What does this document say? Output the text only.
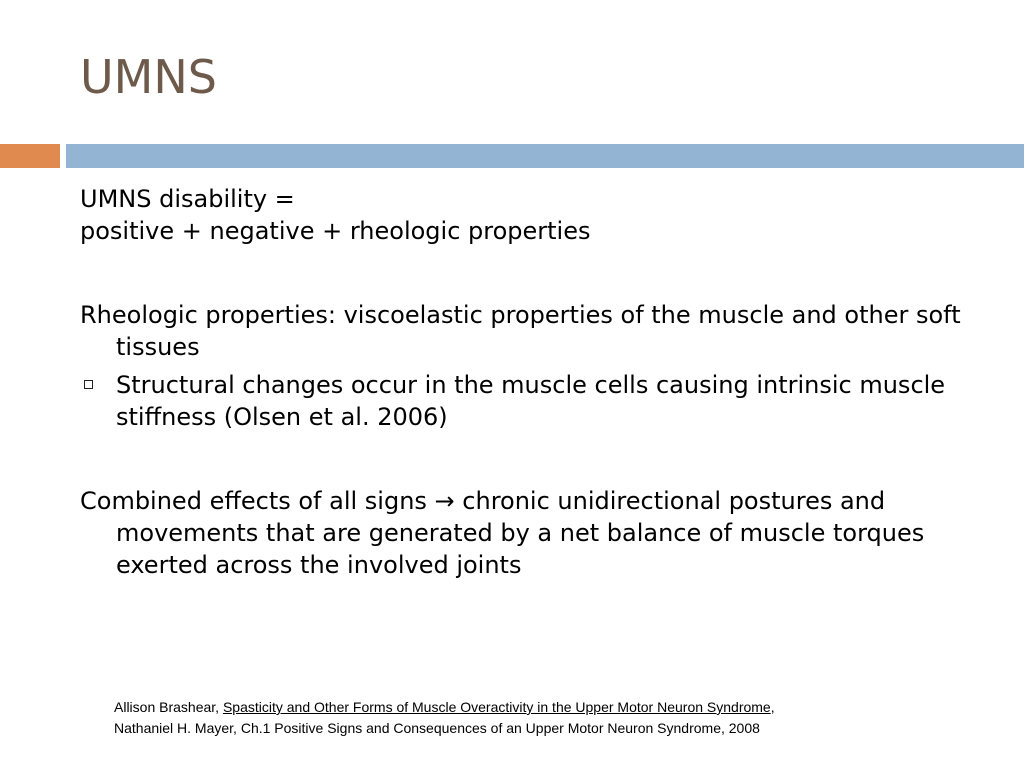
UMNS

UMNS disability =

positive + negative + rheologic properties

Rheologic properties: viscoelastic properties of the muscle and other soft tissues

Structural changes occur in the muscle cells causing intrinsic muscle stiffness (Olsen et al. 2006)

Combined effects of all signs → chronic unidirectional postures and movements that are generated by a net balance of muscle torques exerted across the involved joints

Allison Brashear, Spasticity and Other Forms of Muscle Overactivity in the Upper Motor Neuron Syndrome,
Nathaniel H. Mayer, Ch.1 Positive Signs and Consequences of an Upper Motor Neuron Syndrome, 2008
